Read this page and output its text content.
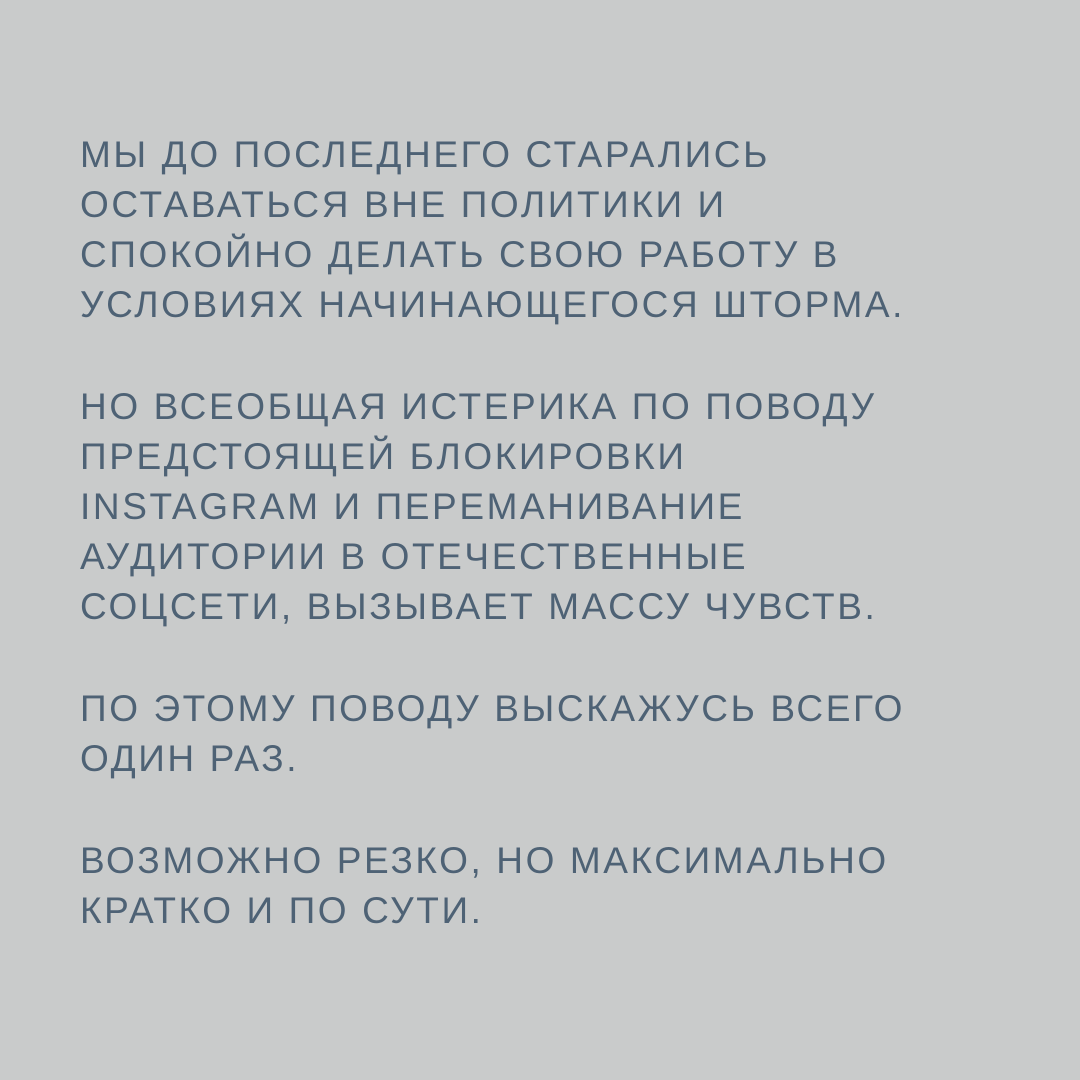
МЫ ДО ПОСЛЕДНЕГО СТАРАЛИСЬ
ОСТАВАТЬСЯ ВНЕ ПОЛИТИКИ И
СПОКОЙНО ДЕЛАТЬ СВОЮ РАБОТУ В
УСЛОВИЯХ НАЧИНАЮЩЕГОСЯ ШТОРМА.
НО ВСЕОБЩАЯ ИСТЕРИКА ПО ПОВОДУ
ПРЕДСТОЯЩЕЙ БЛОКИРОВКИ
INSTAGRAM И ПЕРЕМАНИВАНИЕ
АУДИТОРИИ В ОТЕЧЕСТВЕННЫЕ
СОЦСЕТИ, ВЫЗЫВАЕТ МАССУ ЧУВСТВ.
ПО ЭТОМУ ПОВОДУ ВЫСКАЖУСЬ ВСЕГО
ОДИН РАЗ.
ВОЗМОЖНО РЕЗКО, НО МАКСИМАЛЬНО
КРАТКО И ПО СУТИ.
